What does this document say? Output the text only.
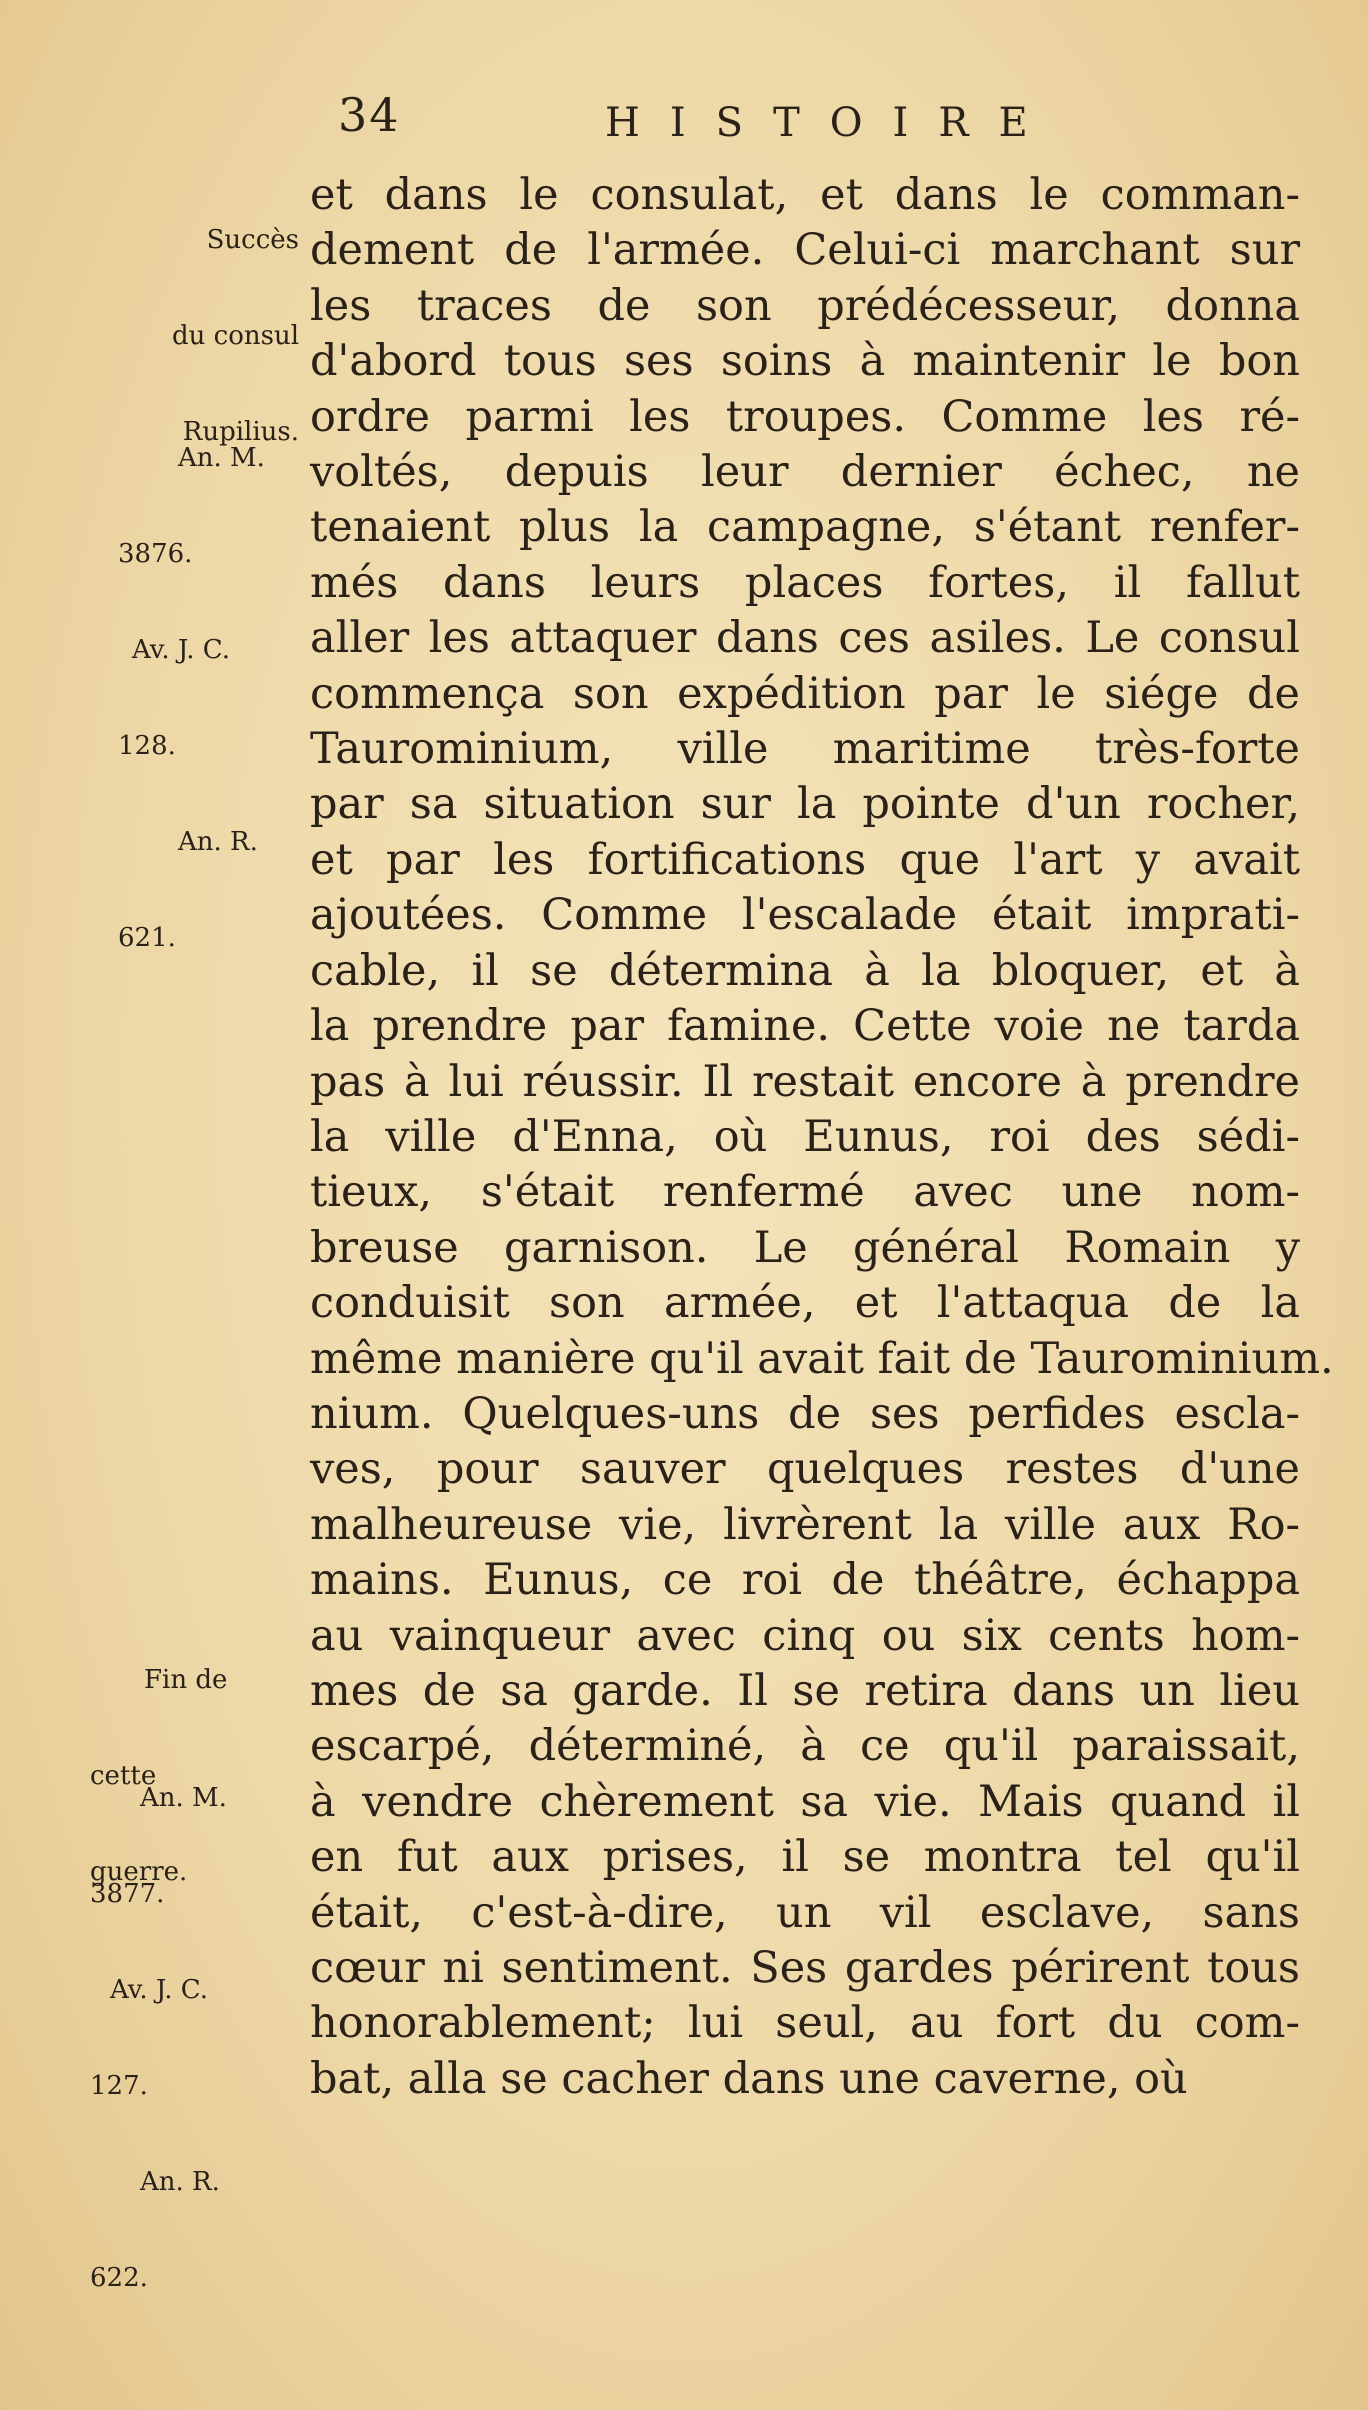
34	HISTOIRE

Succès

du consul

Rupilius.

An. M.

3876.

Av. J. C.

128.

An. R.

621.

Fin de

cette

guerre.

An. M.

3877.

Av. J. C.

127.

An. R.

622.

et dans le consulat, et dans le comman-
dement de l'armée. Celui-ci marchant sur
les traces de son prédécesseur, donna
d'abord tous ses soins à maintenir le bon
ordre parmi les troupes. Comme les ré-
voltés, depuis leur dernier échec, ne
tenaient plus la campagne, s'étant renfer-
més dans leurs places fortes, il fallut
aller les attaquer dans ces asiles. Le consul
commença son expédition par le siége de
Taurominium, ville maritime très-forte
par sa situation sur la pointe d'un rocher,
et par les fortifications que l'art y avait
ajoutées. Comme l'escalade était imprati-
cable, il se détermina à la bloquer, et à
la prendre par famine. Cette voie ne tarda
pas à lui réussir. Il restait encore à prendre
la ville d'Enna, où Eunus, roi des sédi-
tieux, s'était renfermé avec une nom-
breuse garnison. Le général Romain y
conduisit son armée, et l'attaqua de la
même manière qu'il avait fait de Taurominium.
nium. Quelques-uns de ses perfides escla-
ves, pour sauver quelques restes d'une
malheureuse vie, livrèrent la ville aux Ro-
mains. Eunus, ce roi de théâtre, échappa
au vainqueur avec cinq ou six cents hom-
mes de sa garde. Il se retira dans un lieu
escarpé, déterminé, à ce qu'il paraissait,
à vendre chèrement sa vie. Mais quand il
en fut aux prises, il se montra tel qu'il
était, c'est-à-dire, un vil esclave, sans
cœur ni sentiment. Ses gardes périrent tous
honorablement; lui seul, au fort du com-
bat, alla se cacher dans une caverne, où
